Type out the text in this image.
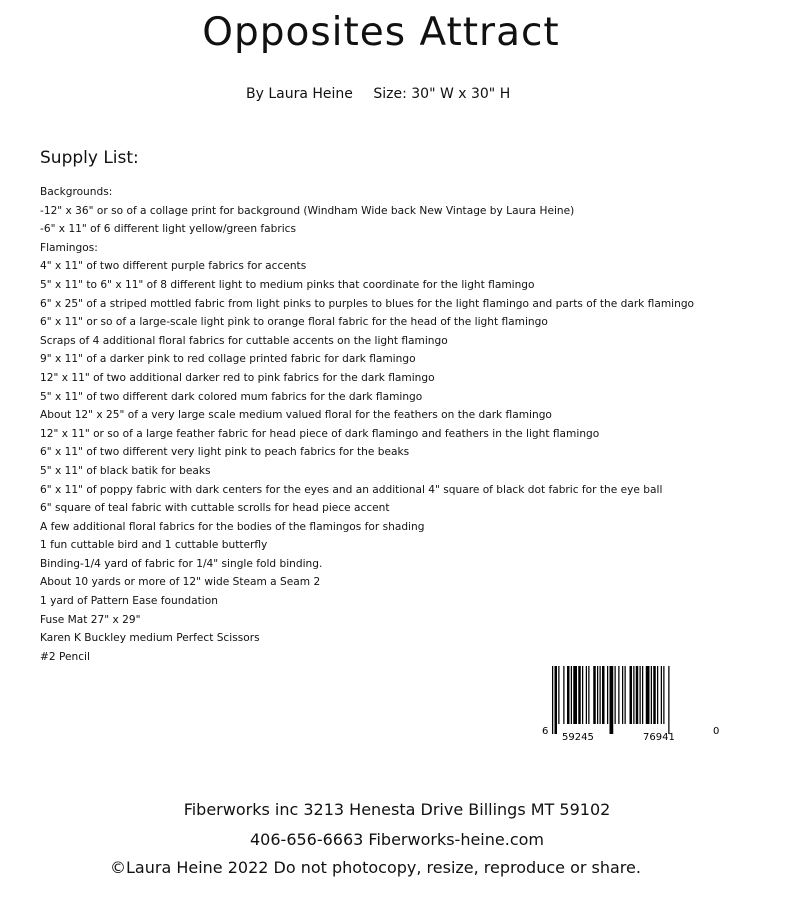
Opposites Attract
By Laura Heine Size: 30" W x 30" H
Supply List:
Backgrounds:
-12" x 36" or so of a collage print for background (Windham Wide back New Vintage by Laura Heine)
-6" x 11" of 6 different light yellow/green fabrics
Flamingos:
4" x 11" of two different purple fabrics for accents
5" x 11" to 6" x 11" of 8 different light to medium pinks that coordinate for the light flamingo
6" x 25" of a striped mottled fabric from light pinks to purples to blues for the light flamingo and parts of the dark flamingo
6" x 11" or so of a large-scale light pink to orange floral fabric for the head of the light flamingo
Scraps of 4 additional floral fabrics for cuttable accents on the light flamingo
9" x 11" of a darker pink to red collage printed fabric for dark flamingo
12" x 11" of two additional darker red to pink fabrics for the dark flamingo
5" x 11" of two different dark colored mum fabrics for the dark flamingo
About 12" x 25" of a very large scale medium valued floral for the feathers on the dark flamingo
12" x 11" or so of a large feather fabric for head piece of dark flamingo and feathers in the light flamingo
6" x 11" of two different very light pink to peach fabrics for the beaks
5" x 11" of black batik for beaks
6" x 11" of poppy fabric with dark centers for the eyes and an additional 4" square of black dot fabric for the eye ball
6" square of teal fabric with cuttable scrolls for head piece accent
A few additional floral fabrics for the bodies of the flamingos for shading
1 fun cuttable bird and 1 cuttable butterfly
Binding-1/4 yard of fabric for 1/4" single fold binding.
About 10 yards or more of 12" wide Steam a Seam 2
1 yard of Pattern Ease foundation
Fuse Mat 27" x 29"
Karen K Buckley medium Perfect Scissors
#2 Pencil
6
59245	76941
0
Fiberworks inc 3213 Henesta Drive Billings MT 59102
406-656-6663 Fiberworks-heine.com
©Laura Heine 2022 Do not photocopy, resize, reproduce or share.
